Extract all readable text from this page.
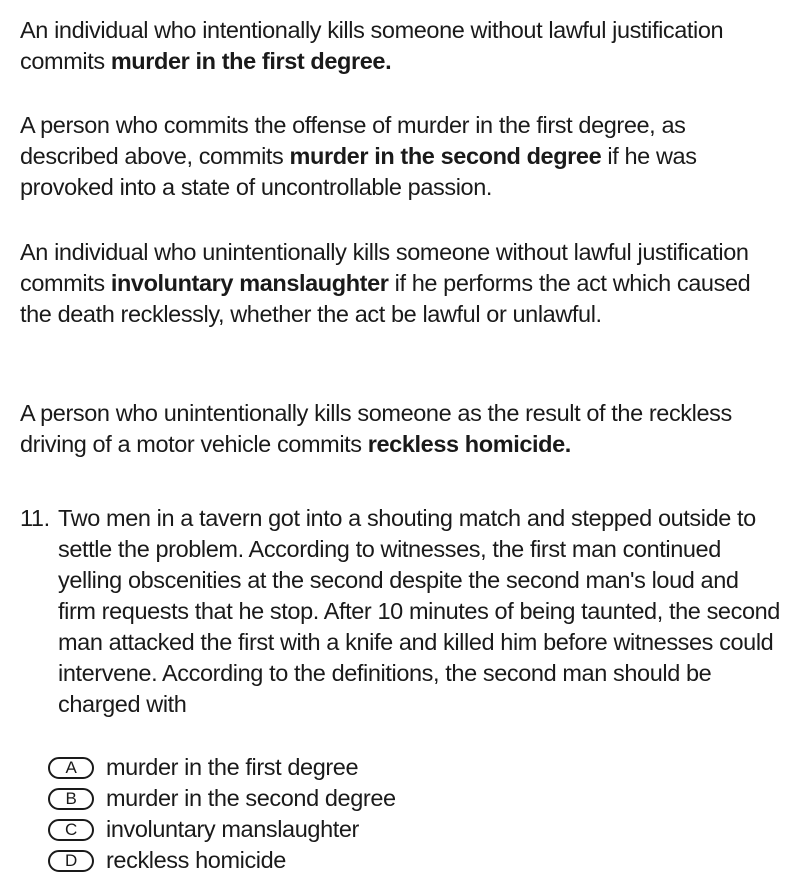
An individual who intentionally kills someone without lawful justification commits murder in the first degree.

A person who commits the offense of murder in the first degree, as described above, commits murder in the second degree if he was provoked into a state of uncontrollable passion.

An individual who unintentionally kills someone without lawful justification commits involuntary manslaughter if he performs the act which caused the death recklessly, whether the act be lawful or unlawful.

A person who unintentionally kills someone as the result of the reckless driving of a motor vehicle commits reckless homicide.

11. Two men in a tavern got into a shouting match and stepped outside to settle the problem. According to witnesses, the first man continued yelling obscenities at the second despite the second man's loud and firm requests that he stop. After 10 minutes of being taunted, the second man attacked the first with a knife and killed him before witnesses could intervene. According to the definitions, the second man should be charged with
A	murder in the first degree
B	murder in the second degree
C	involuntary manslaughter
D	reckless homicide
